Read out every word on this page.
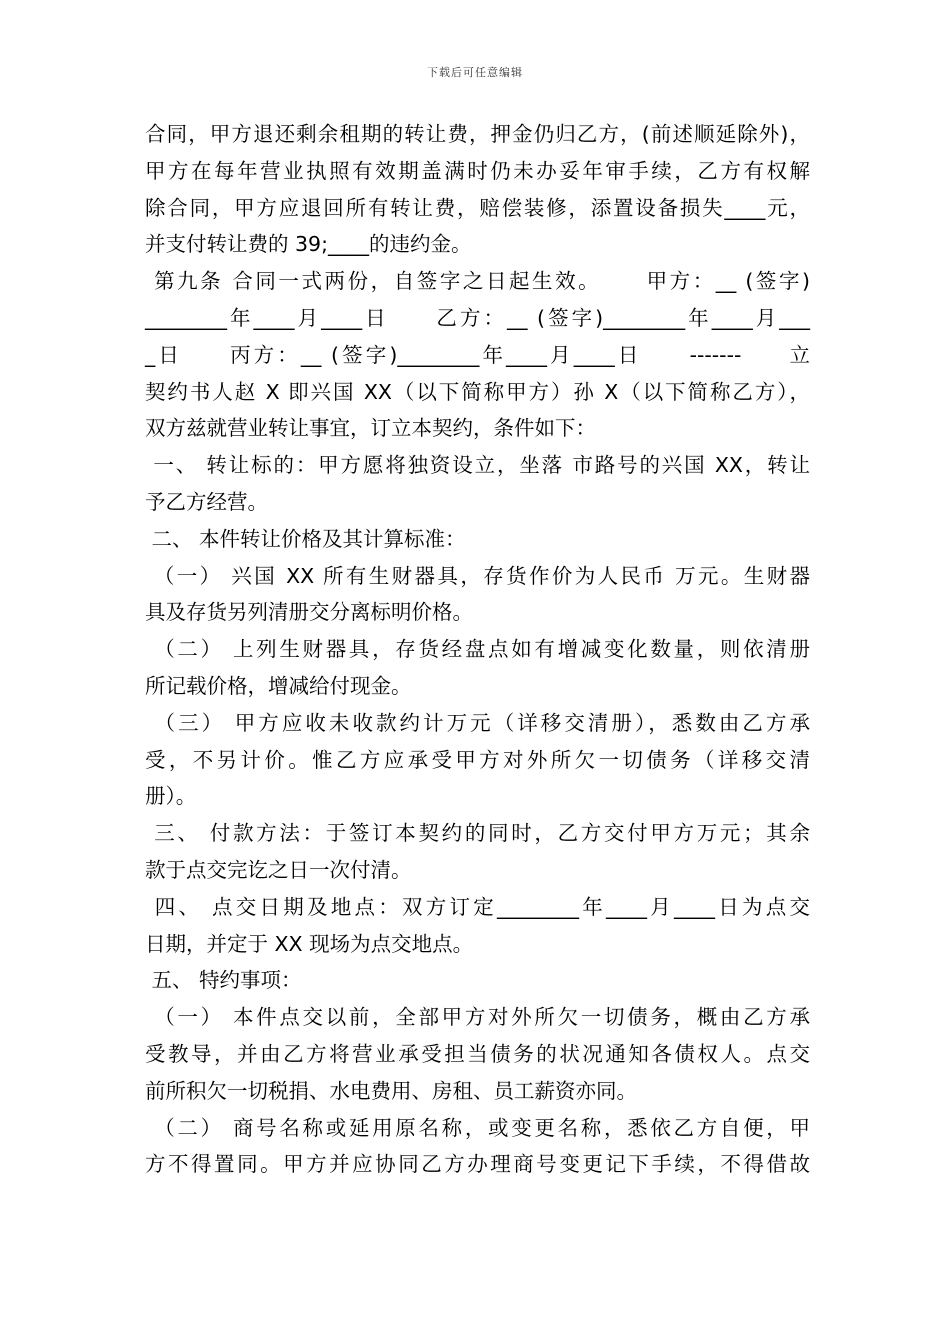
下载后可任意编辑
合同，甲方退还剩余租期的转让费，押金仍归乙方，(前述顺延除外)，
甲方在每年营业执照有效期盖满时仍未办妥年审手续，乙方有权解
除合同，甲方应退回所有转让费，赔偿装修，添置设备损失____元，
并支付转让费的 39;____的违约金。
第九条 合同一式两份，自签字之日起生效。     甲方：__ (签字)
________年____月____日     乙方：__ (签字)________年____月___
_日     丙方：__ (签字)________年____月____日     -------     立
契约书人赵 X 即兴国 XX（以下简称甲方）孙 X（以下简称乙方），
双方兹就营业转让事宜，订立本契约，条件如下：
一、 转让标的：甲方愿将独资设立，坐落 市路号的兴国 XX，转让
予乙方经营。
二、 本件转让价格及其计算标准：
（一） 兴国 XX 所有生财器具，存货作价为人民币 万元。生财器
具及存货另列清册交分离标明价格。
（二） 上列生财器具，存货经盘点如有增减变化数量，则依清册
所记载价格，增减给付现金。
（三） 甲方应收未收款约计万元（详移交清册），悉数由乙方承
受，不另计价。惟乙方应承受甲方对外所欠一切债务（详移交清
册）。
三、 付款方法：于签订本契约的同时，乙方交付甲方万元；其余
款于点交完讫之日一次付清。
四、 点交日期及地点：双方订定________年____月____日为点交
日期，并定于 XX 现场为点交地点。
五、 特约事项：
（一） 本件点交以前，全部甲方对外所欠一切债务，概由乙方承
受教导，并由乙方将营业承受担当债务的状况通知各债权人。点交
前所积欠一切税捐、水电费用、房租、员工薪资亦同。
（二） 商号名称或延用原名称，或变更名称，悉依乙方自便，甲
方不得置同。甲方并应协同乙方办理商号变更记下手续，不得借故
